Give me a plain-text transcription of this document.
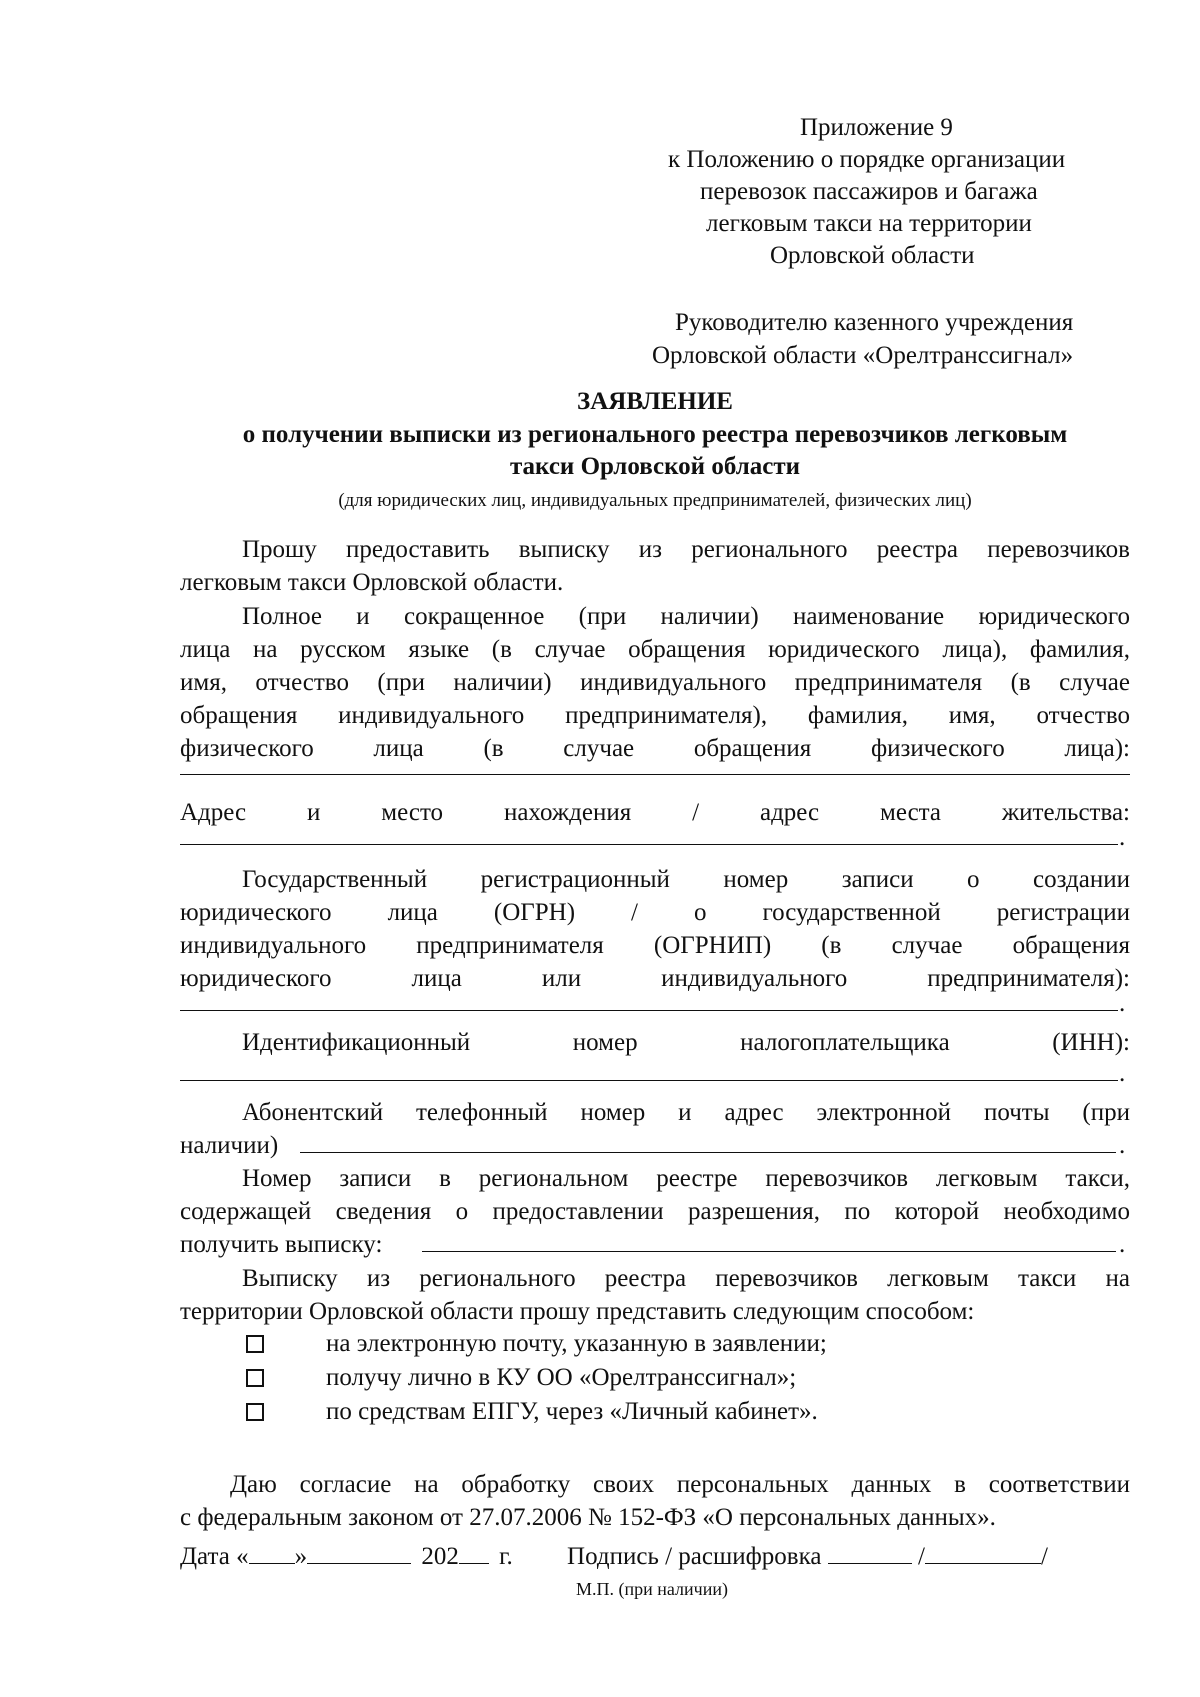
Приложение 9
к Положению о порядке организации
перевозок пассажиров и багажа
легковым такси на территории
Орловской области
Руководителю казенного учреждения
Орловской области «Орелтранссигнал»
ЗАЯВЛЕНИЕ
о получении выписки из регионального реестра перевозчиков легковым
такси Орловской области
(для юридических лиц, индивидуальных предпринимателей, физических лиц)
Прошу предоставить выписку из регионального реестра перевозчиков
легковым такси Орловской области.
Полное и сокращенное (при наличии) наименование юридического
лица на русском языке (в случае обращения юридического лица), фамилия,
имя, отчество (при наличии) индивидуального предпринимателя (в случае
обращения индивидуального предпринимателя), фамилия, имя, отчество
физического лица (в случае обращения физического лица):
Адрес и место нахождения / адрес места жительства:
.
Государственный регистрационный номер записи о создании
юридического лица (ОГРН) / о государственной регистрации
индивидуального предпринимателя (ОГРНИП) (в случае обращения
юридического лица или индивидуального предпринимателя):
.
Идентификационный номер налогоплательщика (ИНН):
.
Абонентский телефонный номер и адрес электронной почты (при
наличии)	.
Номер записи в региональном реестре перевозчиков легковым такси,
содержащей сведения о предоставлении разрешения, по которой необходимо
получить выписку:	.
Выписку из регионального реестра перевозчиков легковым такси на
территории Орловской области прошу представить следующим способом:
на электронную почту, указанную в заявлении;
получу лично в КУ ОО «Орелтранссигнал»;
по средствам ЕПГУ, через «Личный кабинет».
Даю согласие на обработку своих персональных данных в соответствии
с федеральным законом от 27.07.2006 № 152-ФЗ «О персональных данных».
Дата « »	202 г. Подпись / расшифровка	/	/
М.П. (при наличии)
